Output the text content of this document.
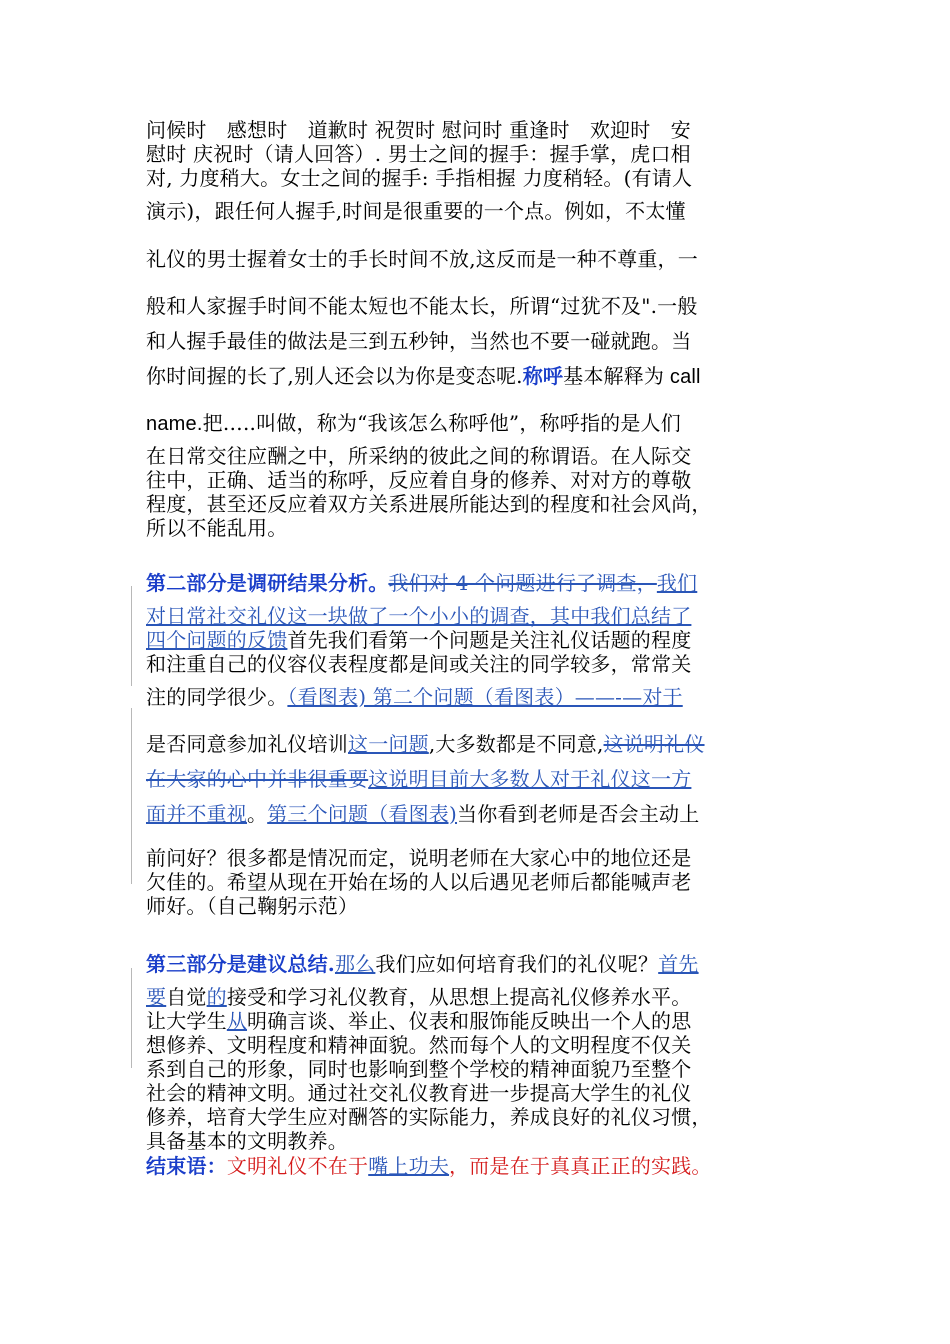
问候时　感想时　道歉时 祝贺时 慰问时 重逢时　欢迎时　安
慰时 庆祝时（请人回答）. 男士之间的握手：握手掌，虎口相
对, 力度稍大。女士之间的握手: 手指相握 力度稍轻。(有请人
演示)，跟任何人握手,时间是很重要的一个点。例如，不太懂
礼仪的男士握着女士的手长时间不放,这反而是一种不尊重，一
般和人家握手时间不能太短也不能太长，所谓“过犹不及".一般
和人握手最佳的做法是三到五秒钟，当然也不要一碰就跑。当
你时间握的长了,别人还会以为你是变态呢.称呼基本解释为 call
name.把…..叫做，称为“我该怎么称呼他”，称呼指的是人们
在日常交往应酬之中，所采纳的彼此之间的称谓语。在人际交
往中，正确、适当的称呼，反应着自身的修养、对对方的尊敬
程度，甚至还反应着双方关系进展所能达到的程度和社会风尚，
所以不能乱用。
第二部分是调研结果分析。我们对 4 个问题进行了调查，我们
对日常社交礼仪这一块做了一个小小的调查，其中我们总结了
四个问题的反馈首先我们看第一个问题是关注礼仪话题的程度
和注重自己的仪容仪表程度都是间或关注的同学较多，常常关
注的同学很少。（看图表) 第二个问题（看图表）——-—对于
是否同意参加礼仪培训这一问题,大多数都是不同意,这说明礼仪
在大家的心中并非很重要这说明目前大多数人对于礼仪这一方
面并不重视。第三个问题（看图表)当你看到老师是否会主动上
前问好？很多都是情况而定，说明老师在大家心中的地位还是
欠佳的。希望从现在开始在场的人以后遇见老师后都能喊声老
师好。（自己鞠躬示范）
第三部分是建议总结.那么我们应如何培育我们的礼仪呢？首先
要自觉的接受和学习礼仪教育，从思想上提高礼仪修养水平。
让大学生从明确言谈、举止、仪表和服饰能反映出一个人的思
想修养、文明程度和精神面貌。然而每个人的文明程度不仅关
系到自己的形象，同时也影响到整个学校的精神面貌乃至整个
社会的精神文明。通过社交礼仪教育进一步提高大学生的礼仪
修养，培育大学生应对酬答的实际能力，养成良好的礼仪习惯，
具备基本的文明教养。
结束语：文明礼仪不在于嘴上功夫，而是在于真真正正的实践。
